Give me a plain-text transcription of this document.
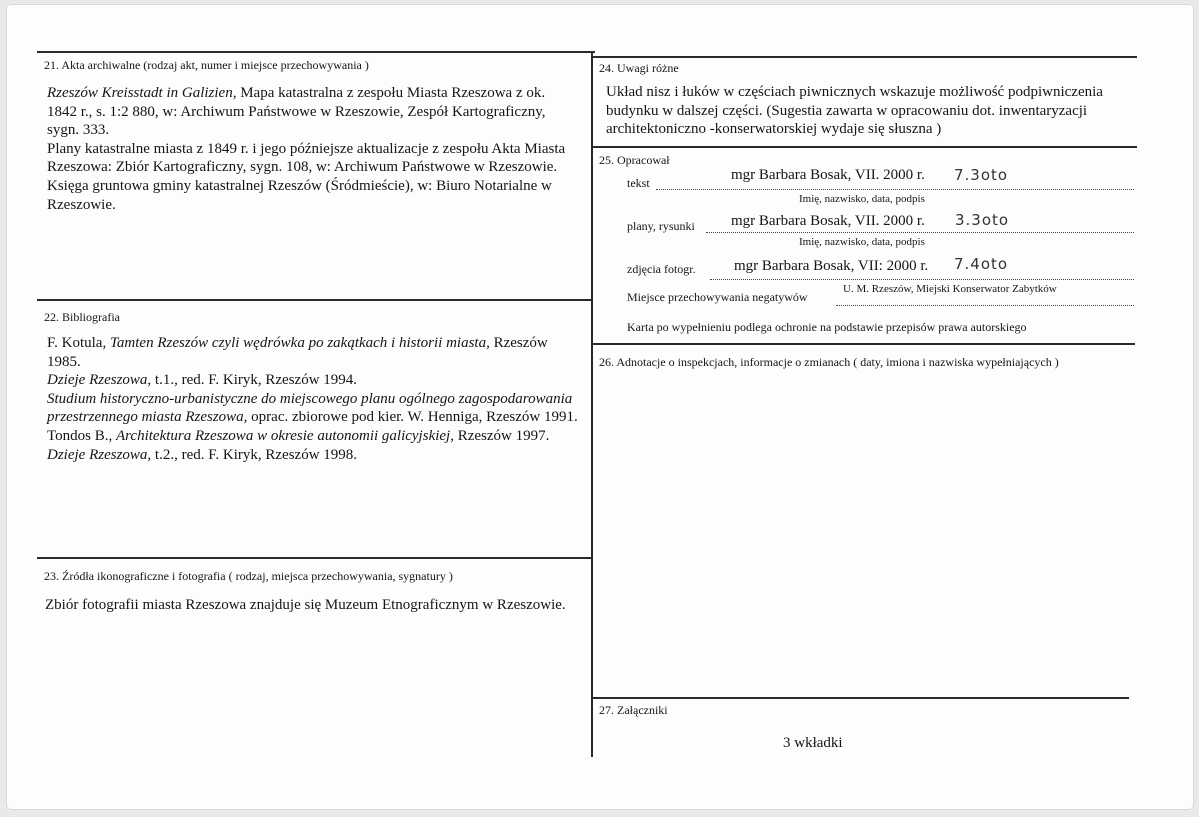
21. Akta archiwalne (rodzaj akt, numer i miejsce przechowywania )

Rzeszów Kreisstadt in Galizien, Mapa katastralna z zespołu Miasta Rzeszowa z ok. 1842 r., s. 1:2 880, w: Archiwum Państwowe w Rzeszowie, Zespół Kartograficzny, sygn. 333.

Plany katastralne miasta z 1849 r. i jego późniejsze aktualizacje z zespołu Akta Miasta Rzeszowa: Zbiór Kartograficzny, sygn. 108, w: Archiwum Państwowe w Rzeszowie.

Księga gruntowa gminy katastralnej Rzeszów (Śródmieście), w: Biuro Notarialne w Rzeszowie.

22. Bibliografia

F. Kotula, Tamten Rzeszów czyli wędrówka po zakątkach i historii miasta, Rzeszów 1985.

Dzieje Rzeszowa, t.1., red. F. Kiryk, Rzeszów 1994.

Studium historyczno-urbanistyczne do miejscowego planu ogólnego zagospodarowania przestrzennego miasta Rzeszowa, oprac. zbiorowe pod kier. W. Henniga, Rzeszów 1991.

Tondos B., Architektura Rzeszowa w okresie autonomii galicyjskiej, Rzeszów 1997.

Dzieje Rzeszowa, t.2., red. F. Kiryk, Rzeszów 1998.

23. Źródła ikonograficzne i fotografia ( rodzaj, miejsca przechowywania, sygnatury )
Zbiór fotografii miasta Rzeszowa znajduje się Muzeum Etnograficznym w Rzeszowie.
24. Uwagi różne
Układ nisz i łuków w częściach piwnicznych wskazuje możliwość podpiwniczenia budynku w dalszej części. (Sugestia zawarta w opracowaniu dot. inwentaryzacji architektoniczno -konserwatorskiej wydaje się słuszna )
25. Opracował
tekst	mgr Barbara Bosak, VII. 2000 r. 7.3oto
Imię, nazwisko, data, podpis
plany, rysunki mgr Barbara Bosak, VII. 2000 r. 3.3oto
Imię, nazwisko, data, podpis
zdjęcia fotogr.	mgr Barbara Bosak, VII: 2000 r. 7.4oto
Miejsce przechowywania negatywów
U. M. Rzeszów, Miejski Konserwator Zabytków
Karta po wypełnieniu podlega ochronie na podstawie przepisów prawa autorskiego
26. Adnotacje o inspekcjach, informacje o zmianach ( daty, imiona i nazwiska wypełniających )
27. Załączniki
3 wkładki
